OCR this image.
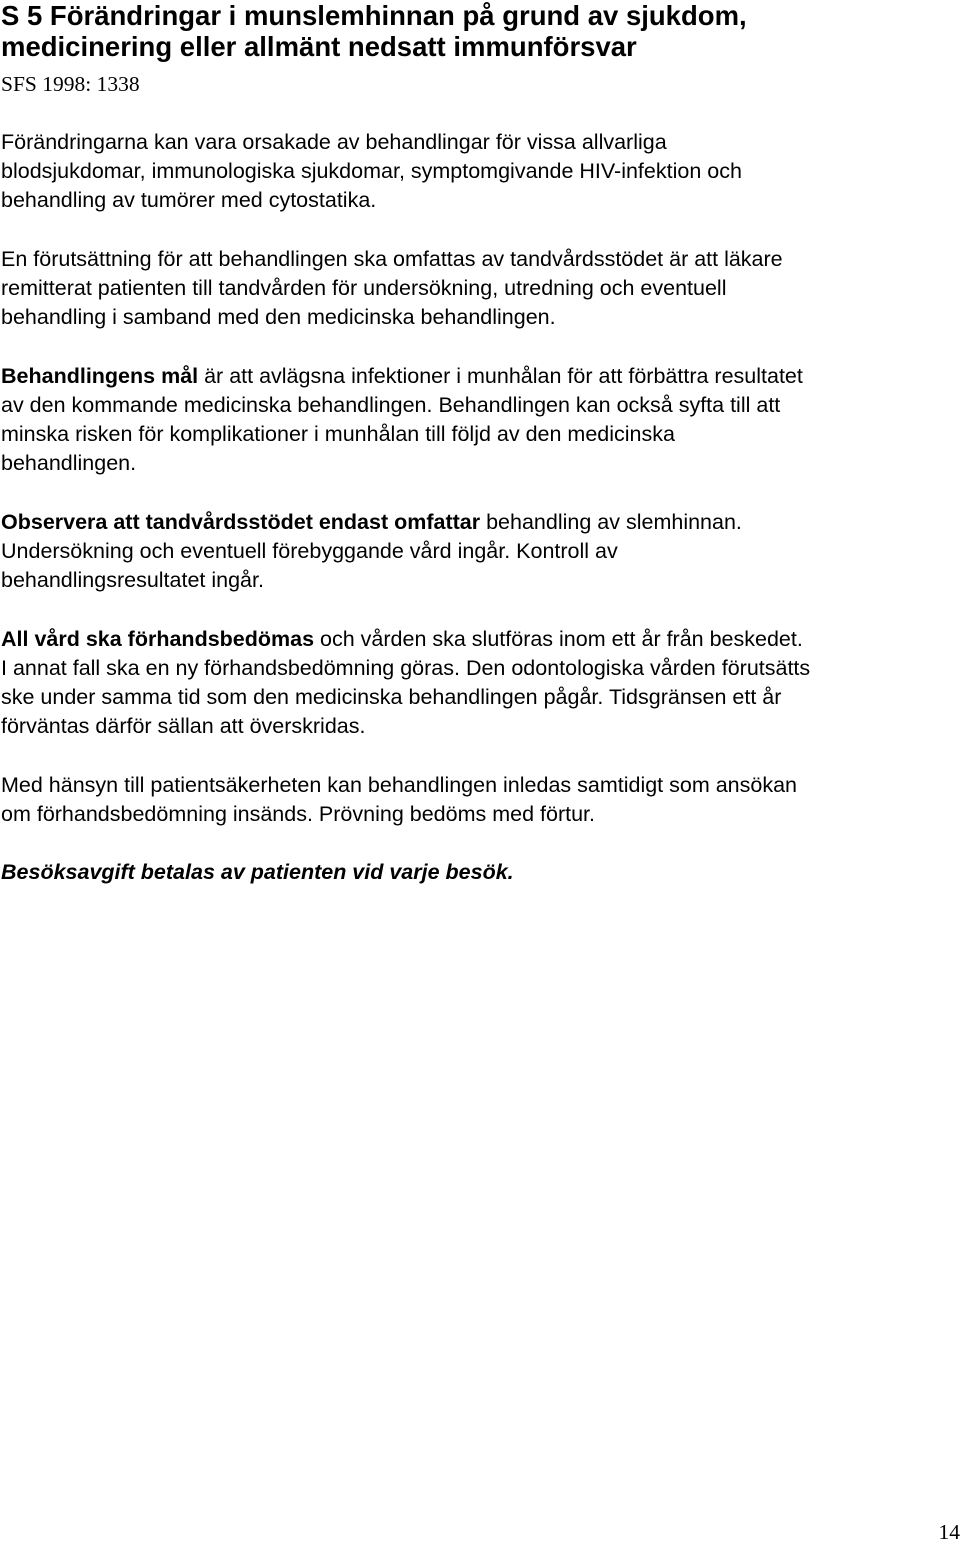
S 5 Förändringar i munslemhinnan på grund av sjukdom,
medicinering eller allmänt nedsatt immunförsvar
SFS 1998: 1338

Förändringarna kan vara orsakade av behandlingar för vissa allvarliga
blodsjukdomar, immunologiska sjukdomar, symptomgivande HIV-infektion och
behandling av tumörer med cytostatika.

En förutsättning för att behandlingen ska omfattas av tandvårdsstödet är att läkare
remitterat patienten till tandvården för undersökning, utredning och eventuell
behandling i samband med den medicinska behandlingen.

Behandlingens mål är att avlägsna infektioner i munhålan för att förbättra resultatet
av den kommande medicinska behandlingen. Behandlingen kan också syfta till att
minska risken för komplikationer i munhålan till följd av den medicinska
behandlingen.

Observera att tandvårdsstödet endast omfattar behandling av slemhinnan.
Undersökning och eventuell förebyggande vård ingår. Kontroll av
behandlingsresultatet ingår.

All vård ska förhandsbedömas och vården ska slutföras inom ett år från beskedet.
I annat fall ska en ny förhandsbedömning göras. Den odontologiska vården förutsätts
ske under samma tid som den medicinska behandlingen pågår. Tidsgränsen ett år
förväntas därför sällan att överskridas.

Med hänsyn till patientsäkerheten kan behandlingen inledas samtidigt som ansökan
om förhandsbedömning insänds. Prövning bedöms med förtur.

Besöksavgift betalas av patienten vid varje besök.

14
